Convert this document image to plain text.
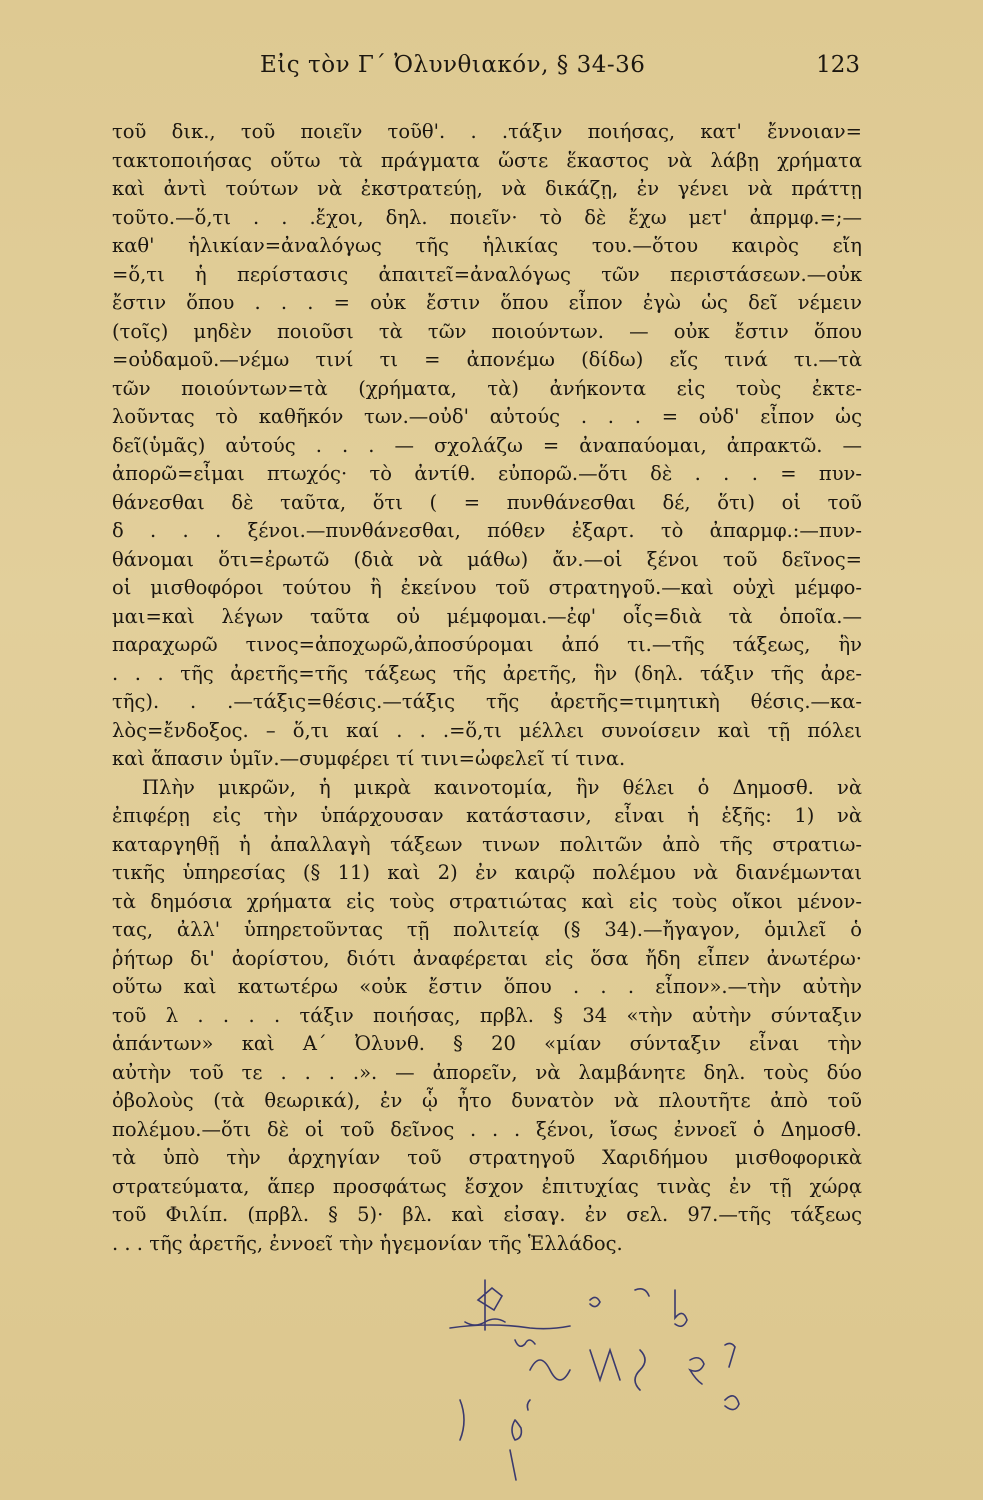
Εἰς τὸν Γ΄ Ὀλυνθιακόν, § 34-36	123

τοῦ δικ., τοῦ ποιεῖν τοῦθ'. . .τάξιν ποιήσας, κατ' ἔννοιαν=

τακτοποιήσας οὕτω τὰ πράγματα ὥστε ἕκαστος νὰ λάβῃ χρήματα

καὶ ἀντὶ τούτων νὰ ἐκστρατεύῃ, νὰ δικάζῃ, ἐν γένει νὰ πράττῃ

τοῦτο.—ὅ,τι . . .ἔχοι, δηλ. ποιεῖν· τὸ δὲ ἔχω μετ' ἀπρμφ.=;—

καθ' ἡλικίαν=ἀναλόγως τῆς ἡλικίας του.—ὅτου καιρὸς εἴη

=ὅ,τι ἡ περίστασις ἀπαιτεῖ=ἀναλόγως τῶν περιστάσεων.—οὐκ

ἔστιν ὅπου . . . = οὐκ ἔστιν ὅπου εἶπον ἐγὼ ὡς δεῖ νέμειν

(τοῖς) μηδὲν ποιοῦσι τὰ τῶν ποιούντων. — οὐκ ἔστιν ὅπου

=οὐδαμοῦ.—νέμω τινί τι = ἀπονέμω (δίδω) εἴς τινά τι.—τὰ

τῶν ποιούντων=τὰ (χρήματα, τὰ) ἀνήκοντα εἰς τοὺς ἐκτε-

λοῦντας τὸ καθῆκόν των.—οὐδ' αὐτούς . . . = οὐδ' εἶπον ὡς

δεῖ(ὑμᾶς) αὐτούς . . . — σχολάζω = ἀναπαύομαι, ἀπρακτῶ. —

ἀπορῶ=εἶμαι πτωχός· τὸ ἀντίθ. εὐπορῶ.—ὅτι δὲ . . . = πυν-

θάνεσθαι δὲ ταῦτα, ὅτι ( = πυνθάνεσθαι δέ, ὅτι) οἱ τοῦ

δ . . . ξένοι.—πυνθάνεσθαι, πόθεν ἐξαρτ. τὸ ἀπαρμφ.:—πυν-

θάνομαι ὅτι=ἐρωτῶ (διὰ νὰ μάθω) ἄν.—οἱ ξένοι τοῦ δεῖνος=

οἱ μισθοφόροι τούτου ἢ ἐκείνου τοῦ στρατηγοῦ.—καὶ οὐχὶ μέμφο-

μαι=καὶ λέγων ταῦτα οὐ μέμφομαι.—ἐφ' οἷς=διὰ τὰ ὁποῖα.—

παραχωρῶ τινος=ἀποχωρῶ,ἀποσύρομαι ἀπό τι.—τῆς τάξεως, ἣν

. . . τῆς ἀρετῆς=τῆς τάξεως τῆς ἀρετῆς, ἣν (δηλ. τάξιν τῆς ἀρε-

τῆς). . .—τάξις=θέσις.—τάξις τῆς ἀρετῆς=τιμητικὴ θέσις.—κα-

λὸς=ἔνδοξος. – ὅ,τι καί . . .=ὅ,τι μέλλει συνοίσειν καὶ τῇ πόλει

καὶ ἅπασιν ὑμῖν.—συμφέρει τί τινι=ὠφελεῖ τί τινα.

Πλὴν μικρῶν, ἡ μικρὰ καινοτομία, ἣν θέλει ὁ Δημοσθ. νὰ

ἐπιφέρῃ εἰς τὴν ὑπάρχουσαν κατάστασιν, εἶναι ἡ ἑξῆς: 1) νὰ

καταργηθῇ ἡ ἀπαλλαγὴ τάξεων τινων πολιτῶν ἀπὸ τῆς στρατιω-

τικῆς ὑπηρεσίας (§ 11) καὶ 2) ἐν καιρῷ πολέμου νὰ διανέμωνται

τὰ δημόσια χρήματα εἰς τοὺς στρατιώτας καὶ εἰς τοὺς οἴκοι μένον-

τας, ἀλλ' ὑπηρετοῦντας τῇ πολιτείᾳ (§ 34).—ἤγαγον, ὁμιλεῖ ὁ

ῥήτωρ δι' ἀορίστου, διότι ἀναφέρεται εἰς ὅσα ἤδη εἶπεν ἀνωτέρω·

οὕτω καὶ κατωτέρω «οὐκ ἔστιν ὅπου . . . εἶπον».—τὴν αὐτὴν

τοῦ λ . . . . τάξιν ποιήσας, πρβλ. § 34 «τὴν αὐτὴν σύνταξιν

ἁπάντων» καὶ Α΄ Ὀλυνθ. § 20 «μίαν σύνταξιν εἶναι τὴν

αὐτὴν τοῦ τε . . . .». — ἀπορεῖν, νὰ λαμβάνητε δηλ. τοὺς δύο

ὀβολοὺς (τὰ θεωρικά), ἐν ᾧ ἦτο δυνατὸν νὰ πλουτῆτε ἀπὸ τοῦ

πολέμου.—ὅτι δὲ οἱ τοῦ δεῖνος . . . ξένοι, ἴσως ἐννοεῖ ὁ Δημοσθ.

τὰ ὑπὸ τὴν ἀρχηγίαν τοῦ στρατηγοῦ Χαριδήμου μισθοφορικὰ

στρατεύματα, ἅπερ προσφάτως ἔσχον ἐπιτυχίας τινὰς ἐν τῇ χώρᾳ

τοῦ Φιλίπ. (πρβλ. § 5)· βλ. καὶ εἰσαγ. ἐν σελ. 97.—τῆς τάξεως

. . . τῆς ἀρετῆς, ἐννοεῖ τὴν ἡγεμονίαν τῆς Ἑλλάδος.
